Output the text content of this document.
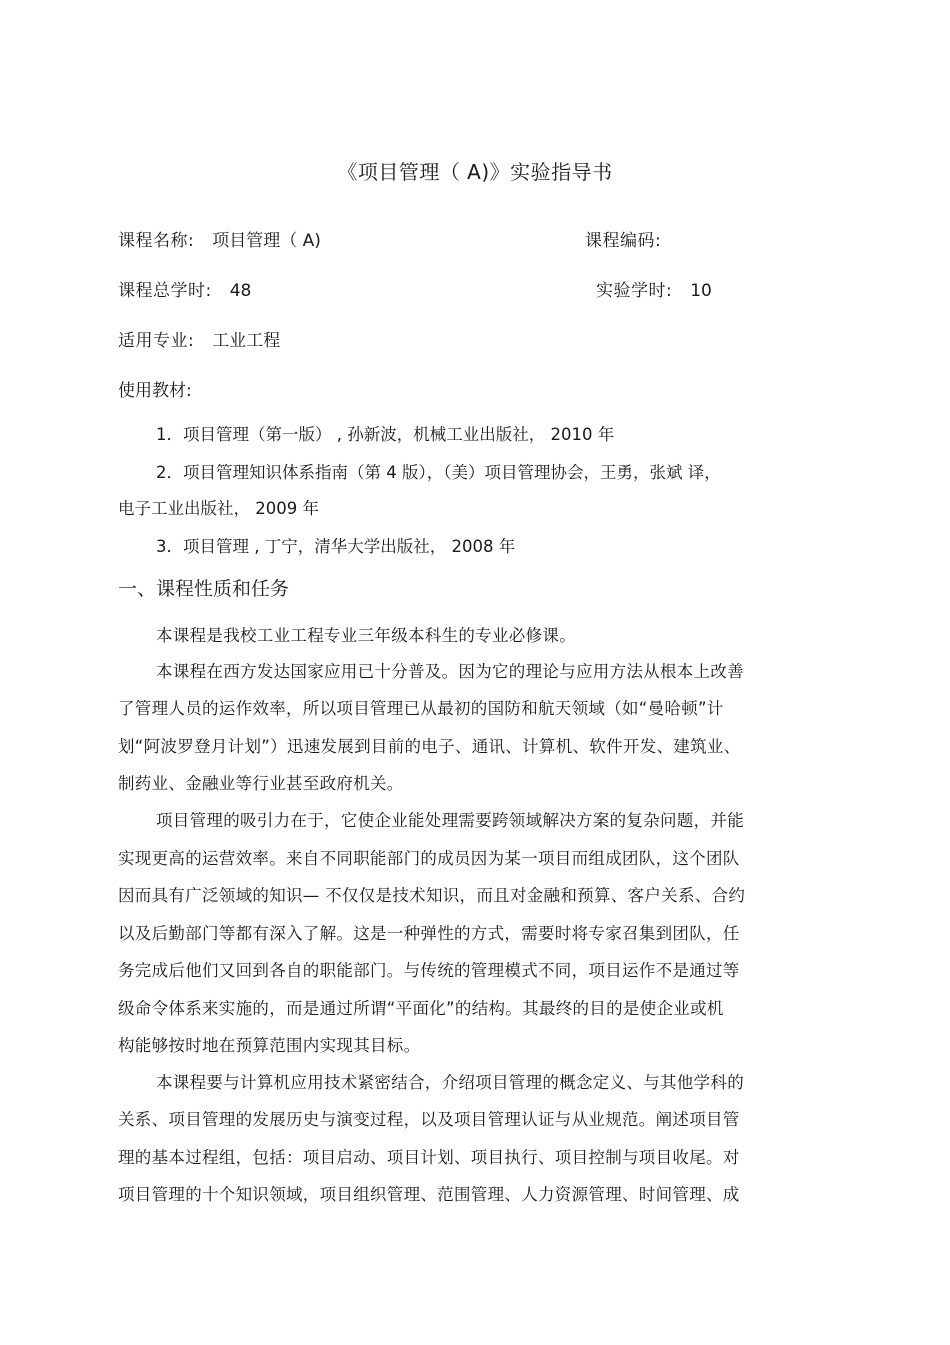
《项目管理（ A)》实验指导书
课程名称: 项目管理（ A)	课程编码:
课程总学时: 48	实验学时: 10
适用专业: 工业工程
使用教材:
1．项目管理（第一版） , 孙新波，机械工业出版社， 2010 年
2．项目管理知识体系指南（第 4 版），（美）项目管理协会，王勇，张斌 译，
电子工业出版社， 2009 年
3．项目管理 , 丁宁，清华大学出版社， 2008 年
一、课程性质和任务
本课程是我校工业工程专业三年级本科生的专业必修课。
本课程在西方发达国家应用已十分普及。因为它的理论与应用方法从根本上改善
了管理人员的运作效率，所以项目管理已从最初的国防和航天领域（如“曼哈顿”计
划“阿波罗登月计划”）迅速发展到目前的电子、通讯、计算机、软件开发、建筑业、
制药业、金融业等行业甚至政府机关。
项目管理的吸引力在于，它使企业能处理需要跨领域解决方案的复杂问题，并能
实现更高的运营效率。来自不同职能部门的成员因为某一项目而组成团队，这个团队
因而具有广泛领域的知识— 不仅仅是技术知识，而且对金融和预算、客户关系、合约
以及后勤部门等都有深入了解。这是一种弹性的方式，需要时将专家召集到团队，任
务完成后他们又回到各自的职能部门。与传统的管理模式不同，项目运作不是通过等
级命令体系来实施的，而是通过所谓“平面化”的结构。其最终的目的是使企业或机
构能够按时地在预算范围内实现其目标。
本课程要与计算机应用技术紧密结合，介绍项目管理的概念定义、与其他学科的
关系、项目管理的发展历史与演变过程，以及项目管理认证与从业规范。阐述项目管
理的基本过程组，包括：项目启动、项目计划、项目执行、项目控制与项目收尾。对
项目管理的十个知识领域，项目组织管理、范围管理、人力资源管理、时间管理、成
